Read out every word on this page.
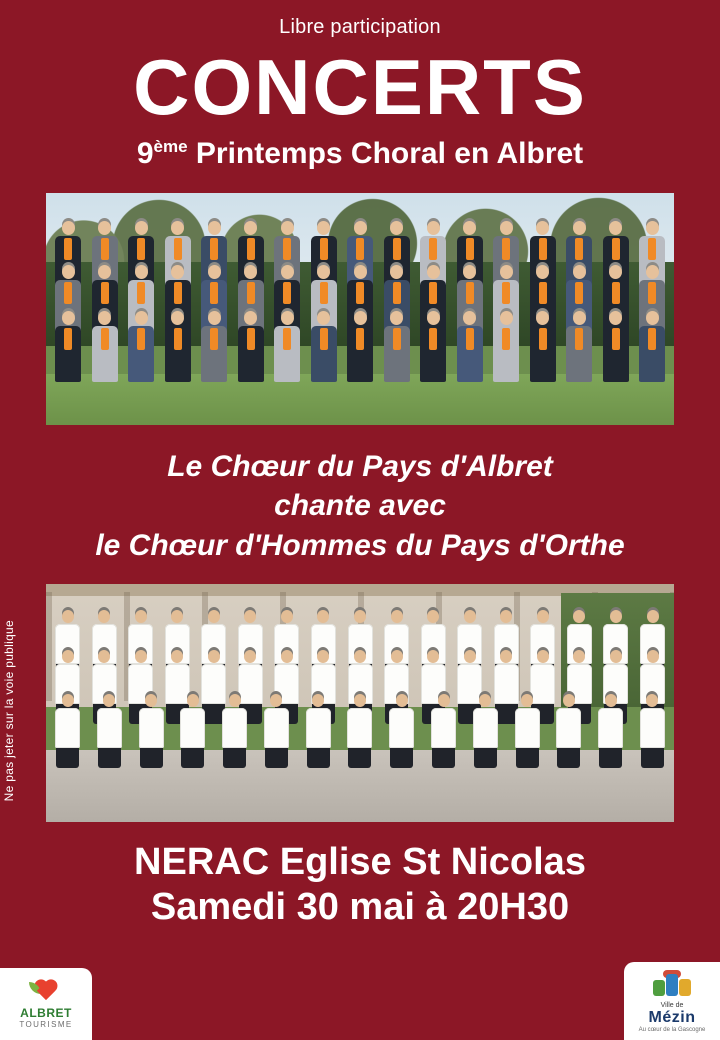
Libre participation
CONCERTS
9ème Printemps Choral en Albret
Le Chœur du Pays d'Albret
chante avec
le Chœur d'Hommes du Pays d'Orthe
NERAC Eglise St Nicolas
Samedi 30 mai à 20H30
Ne pas jeter sur la voie publique
ALBRET
TOURISME
Ville de
Mézin
Au cœur de la Gascogne
